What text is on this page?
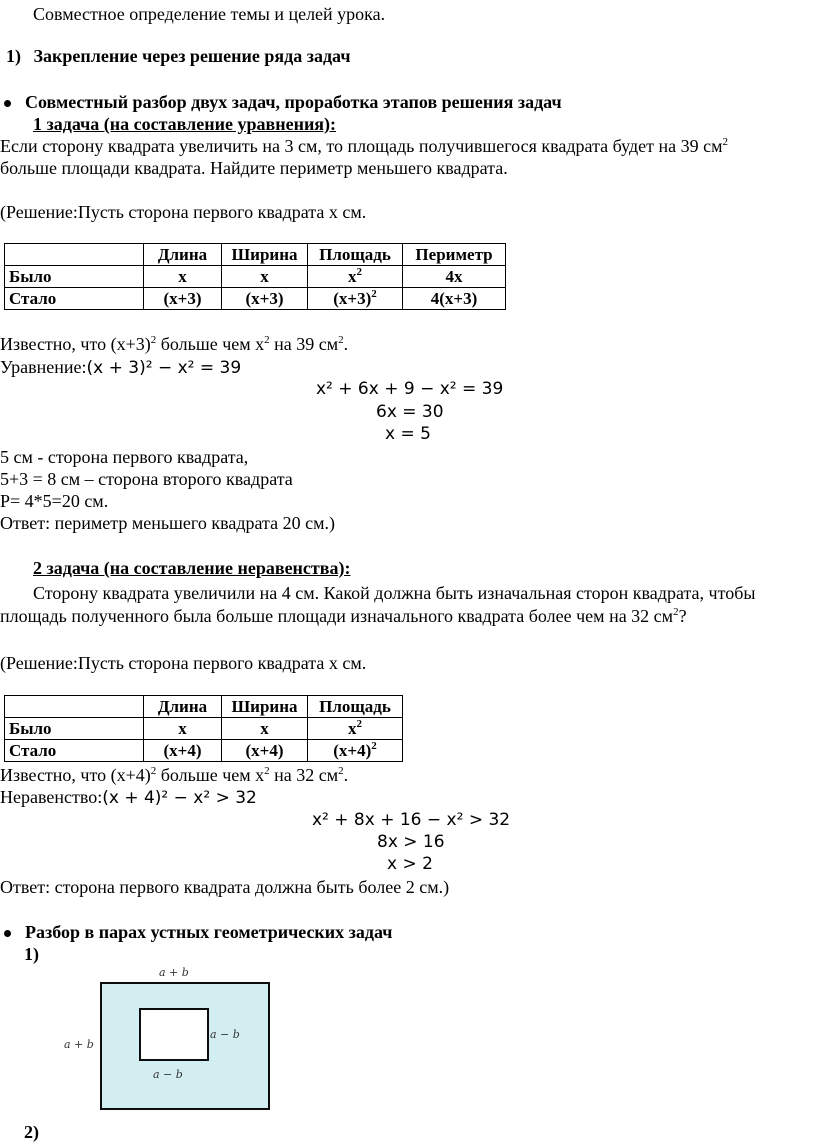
Совместное определение темы и целей урока.
1) Закрепление через решение ряда задач
Совместный разбор двух задач, проработка этапов решения задач
1 задача (на составление уравнения):
Если сторону квадрата увеличить на 3 см, то площадь получившегося квадрата будет на 39 $см^2$
больше площади квадрата. Найдите периметр меньшего квадрата.
(Решение:Пусть сторона первого квадрата x см.
	Длина	Ширина	Площадь	Периметр
Было	x	x	$x^2$	4x
Стало	(x+3)	(x+3)	$(x+3)^2$	4(x+3)
Известно, что $(x+3)^2$ больше чем $x^2$ на 39 $см^2$.
Уравнение:(x + 3)² − x² = 39
x² + 6x + 9 − x² = 39
6x = 30
x = 5
5 см - сторона первого квадрата,
5+3 = 8 см – сторона второго квадрата
P= 4*5=20 см.
Ответ: периметр меньшего квадрата 20 см.)
2 задача (на составление неравенства):
Сторону квадрата увеличили на 4 см. Какой должна быть изначальная сторон квадрата, чтобы
площадь полученного была больше площади изначального квадрата более чем на 32 $см^2$?
(Решение:Пусть сторона первого квадрата x см.
	Длина	Ширина	Площадь
Было	x	x	$x^2$
Стало	(x+4)	(x+4)	$(x+4)^2$
Известно, что $(x+4)^2$ больше чем $x^2$ на 32 $см^2$.
Неравенство:(x + 4)² − x² > 32
x² + 8x + 16 − x² > 32
8x > 16
x > 2
Ответ: сторона первого квадрата должна быть более 2 см.)
Разбор в парах устных геометрических задач
1)
a + b
a + b
a − b
a − b
2)
